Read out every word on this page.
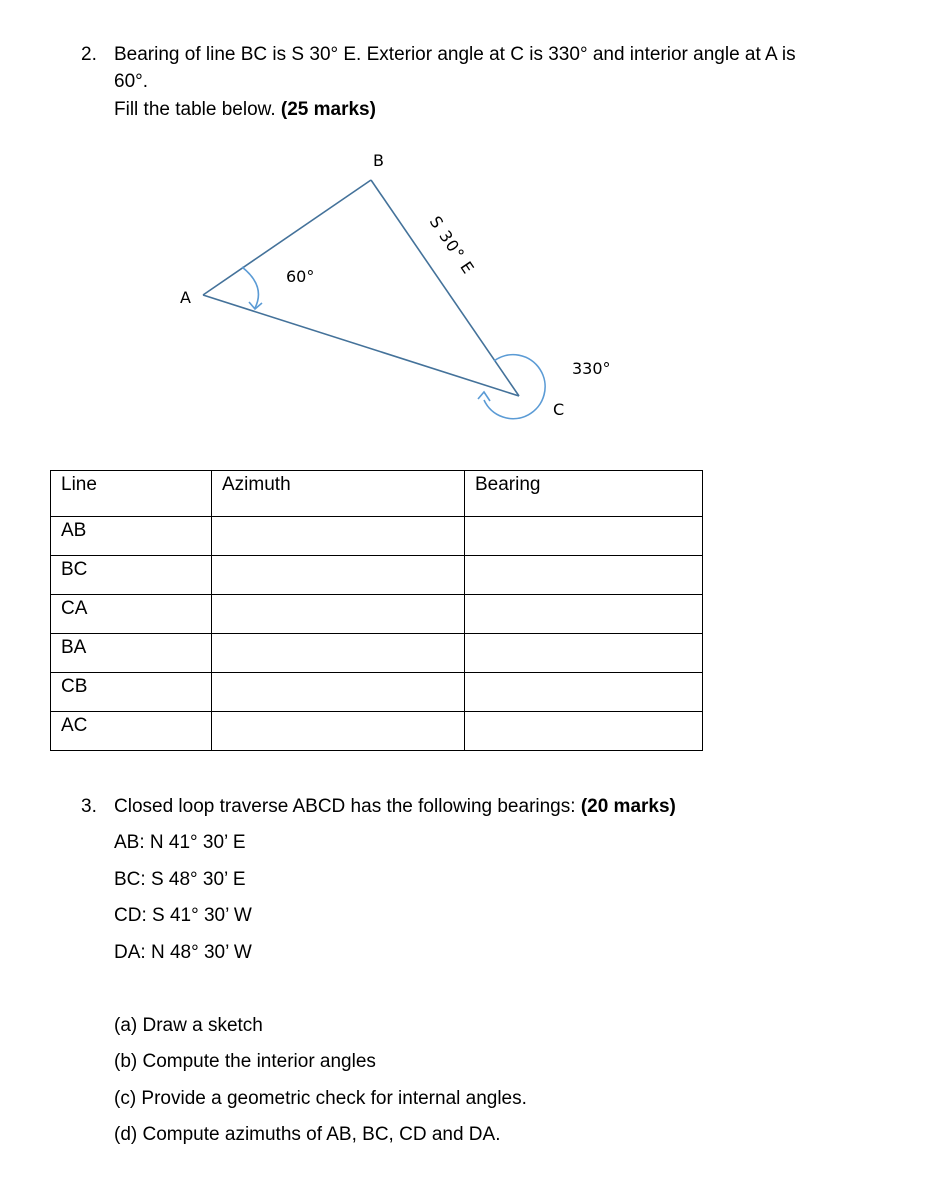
2. Bearing of line BC is S 30° E. Exterior angle at C is 330° and interior angle at A is
60°.
Fill the table below. (25 marks)
B
A
C
60°
330°
S 30° E
Line	Azimuth	Bearing
AB		
BC		
CA		
BA		
CB		
AC		
3. Closed loop traverse ABCD has the following bearings: (20 marks)
AB: N 41° 30’ E
BC: S 48° 30’ E
CD: S 41° 30’ W
DA: N 48° 30’ W
(a) Draw a sketch
(b) Compute the interior angles
(c) Provide a geometric check for internal angles.
(d) Compute azimuths of AB, BC, CD and DA.
